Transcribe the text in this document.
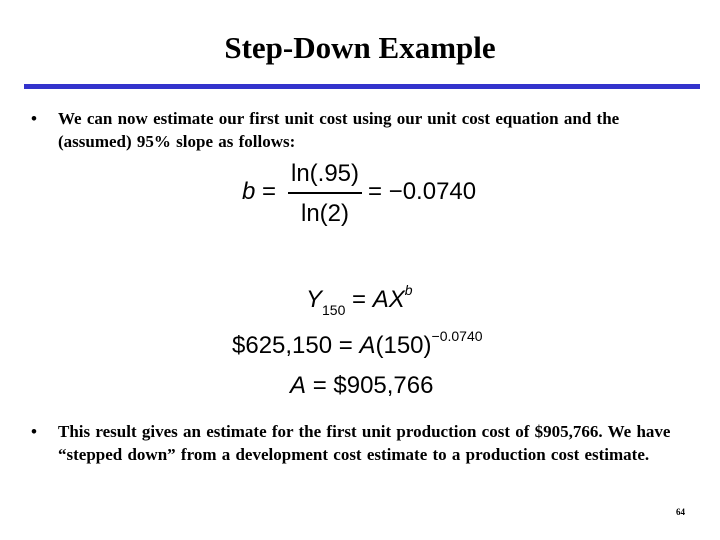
Step-Down Example
• We can now estimate our first unit cost using our unit cost equation and the (assumed) 95% slope as follows:
b =
ln(.95)
ln(2)
= −0.0740
$Y_{150} = AX^b$
$625,150 = $A(150)^{-0.0740}$
A = $905,766
• This result gives an estimate for the first unit production cost of $905,766. We have “stepped down” from a development cost estimate to a production cost estimate.
64
